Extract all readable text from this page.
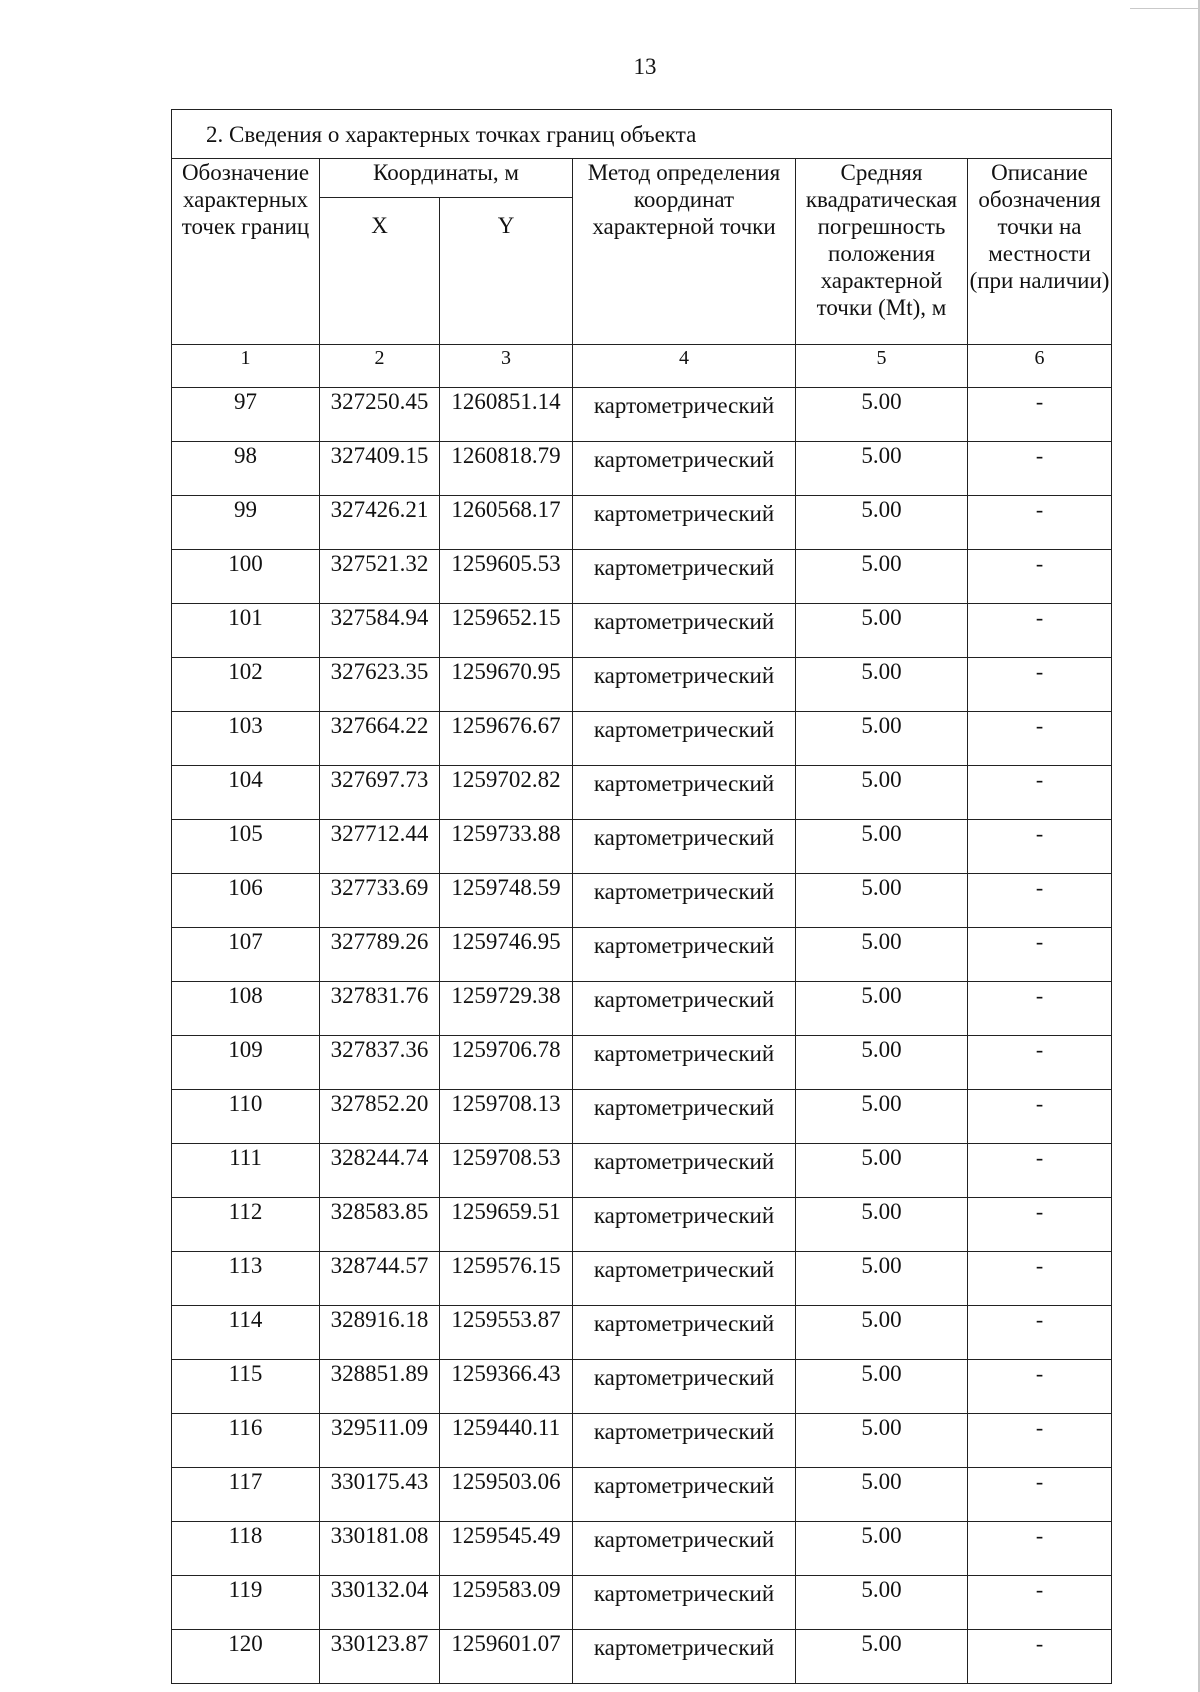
13
2. Сведения о характерных точках границ объекта					
Обозначение характерных точек границ	Координаты, м		Метод определения координат характерной точки	Средняя квадратическая погрешность положения характерной точки (Mt), м	Описание обозначения точки на местности (при наличии)
	X	Y			
1	2	3	4	5	6
97	327250.45	1260851.14	картометрический	5.00	-
98	327409.15	1260818.79	картометрический	5.00	-
99	327426.21	1260568.17	картометрический	5.00	-
100	327521.32	1259605.53	картометрический	5.00	-
101	327584.94	1259652.15	картометрический	5.00	-
102	327623.35	1259670.95	картометрический	5.00	-
103	327664.22	1259676.67	картометрический	5.00	-
104	327697.73	1259702.82	картометрический	5.00	-
105	327712.44	1259733.88	картометрический	5.00	-
106	327733.69	1259748.59	картометрический	5.00	-
107	327789.26	1259746.95	картометрический	5.00	-
108	327831.76	1259729.38	картометрический	5.00	-
109	327837.36	1259706.78	картометрический	5.00	-
110	327852.20	1259708.13	картометрический	5.00	-
111	328244.74	1259708.53	картометрический	5.00	-
112	328583.85	1259659.51	картометрический	5.00	-
113	328744.57	1259576.15	картометрический	5.00	-
114	328916.18	1259553.87	картометрический	5.00	-
115	328851.89	1259366.43	картометрический	5.00	-
116	329511.09	1259440.11	картометрический	5.00	-
117	330175.43	1259503.06	картометрический	5.00	-
118	330181.08	1259545.49	картометрический	5.00	-
119	330132.04	1259583.09	картометрический	5.00	-
120	330123.87	1259601.07	картометрический	5.00	-
